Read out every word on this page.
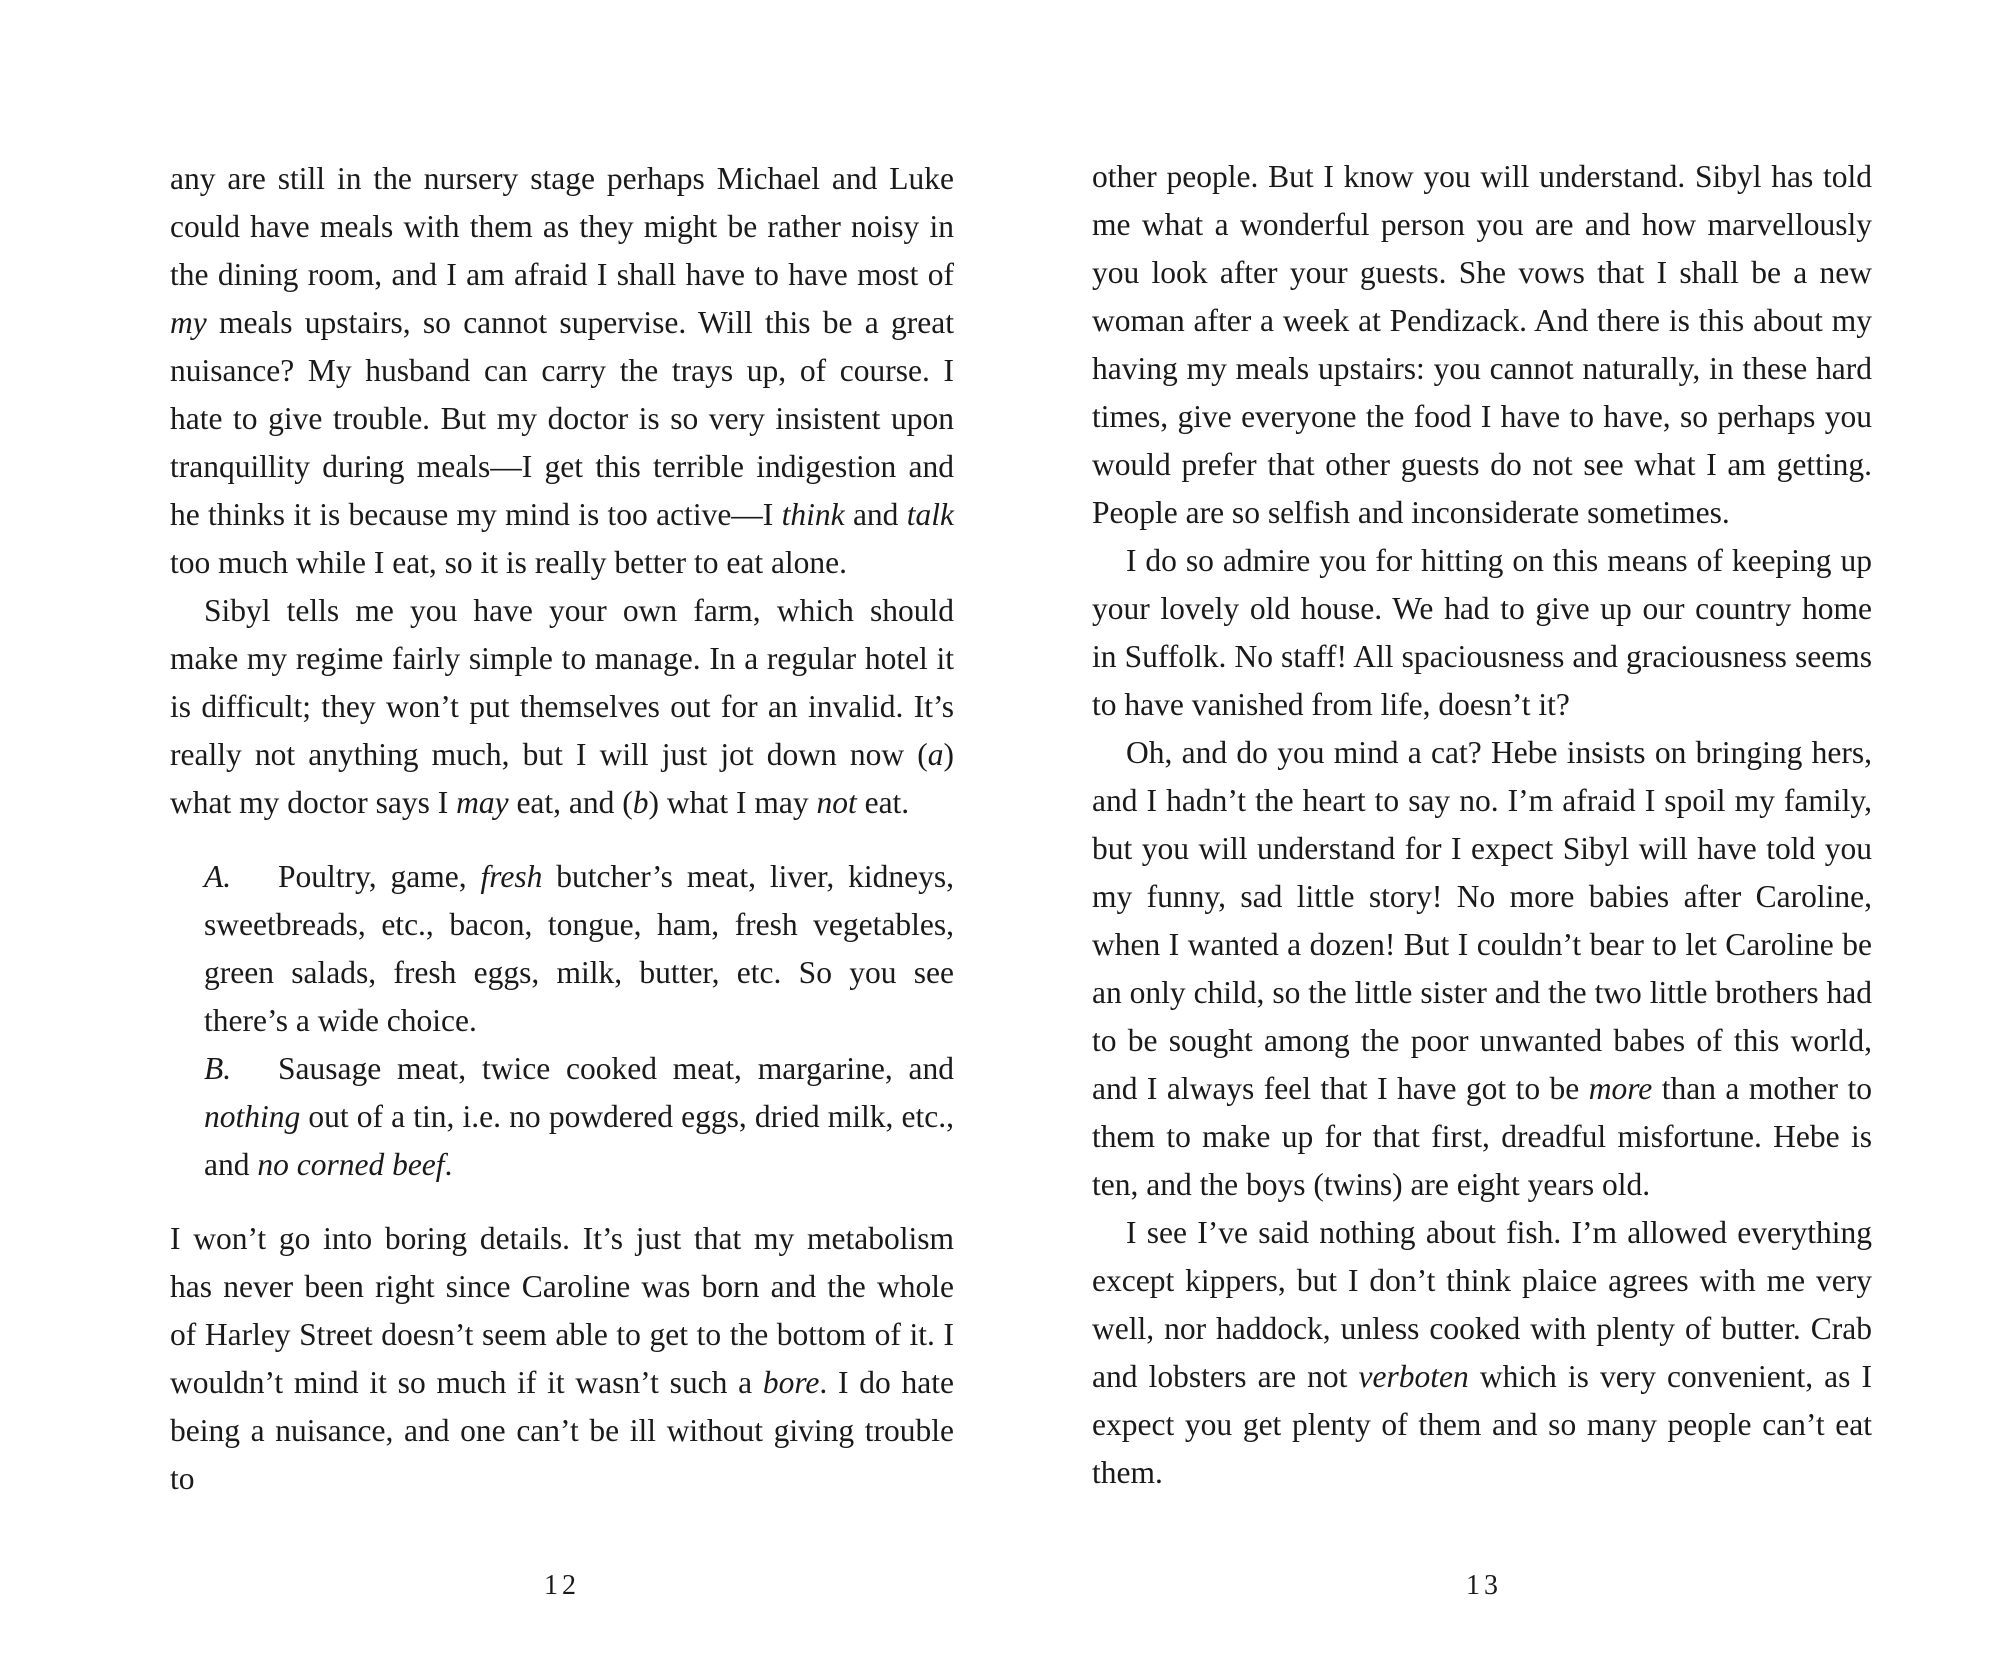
any are still in the nursery stage perhaps Michael and Luke could have meals with them as they might be rather noisy in the dining room, and I am afraid I shall have to have most of my meals upstairs, so cannot supervise. Will this be a great nuisance? My husband can carry the trays up, of course. I hate to give trouble. But my doctor is so very insistent upon tranquillity during meals—I get this terrible indigestion and he thinks it is because my mind is too active—I think and talk too much while I eat, so it is really better to eat alone.

Sibyl tells me you have your own farm, which should make my regime fairly simple to manage. In a regular hotel it is difficult; they won’t put themselves out for an invalid. It’s really not anything much, but I will just jot down now (a) what my doctor says I may eat, and (b) what I may not eat.

A. Poultry, game, fresh butcher’s meat, liver, kidneys, sweetbreads, etc., bacon, tongue, ham, fresh vegetables, green salads, fresh eggs, milk, butter, etc. So you see there’s a wide choice.

B. Sausage meat, twice cooked meat, margarine, and nothing out of a tin, i.e. no powdered eggs, dried milk, etc., and no corned beef.

I won’t go into boring details. It’s just that my metabolism has never been right since Caroline was born and the whole of Harley Street doesn’t seem able to get to the bottom of it. I wouldn’t mind it so much if it wasn’t such a bore. I do hate being a nuisance, and one can’t be ill without giving trouble to

12

other people. But I know you will understand. Sibyl has told me what a wonderful person you are and how marvellously you look after your guests. She vows that I shall be a new woman after a week at Pendizack. And there is this about my having my meals upstairs: you cannot naturally, in these hard times, give everyone the food I have to have, so perhaps you would prefer that other guests do not see what I am getting. People are so selfish and inconsiderate sometimes.

I do so admire you for hitting on this means of keeping up your lovely old house. We had to give up our country home in Suffolk. No staff! All spaciousness and graciousness seems to have vanished from life, doesn’t it?

Oh, and do you mind a cat? Hebe insists on bringing hers, and I hadn’t the heart to say no. I’m afraid I spoil my family, but you will understand for I expect Sibyl will have told you my funny, sad little story! No more babies after Caroline, when I wanted a dozen! But I couldn’t bear to let Caroline be an only child, so the little sister and the two little brothers had to be sought among the poor unwanted babes of this world, and I always feel that I have got to be more than a mother to them to make up for that first, dreadful misfortune. Hebe is ten, and the boys (twins) are eight years old.

I see I’ve said nothing about fish. I’m allowed everything except kippers, but I don’t think plaice agrees with me very well, nor haddock, unless cooked with plenty of butter. Crab and lobsters are not verboten which is very convenient, as I expect you get plenty of them and so many people can’t eat them.

13
